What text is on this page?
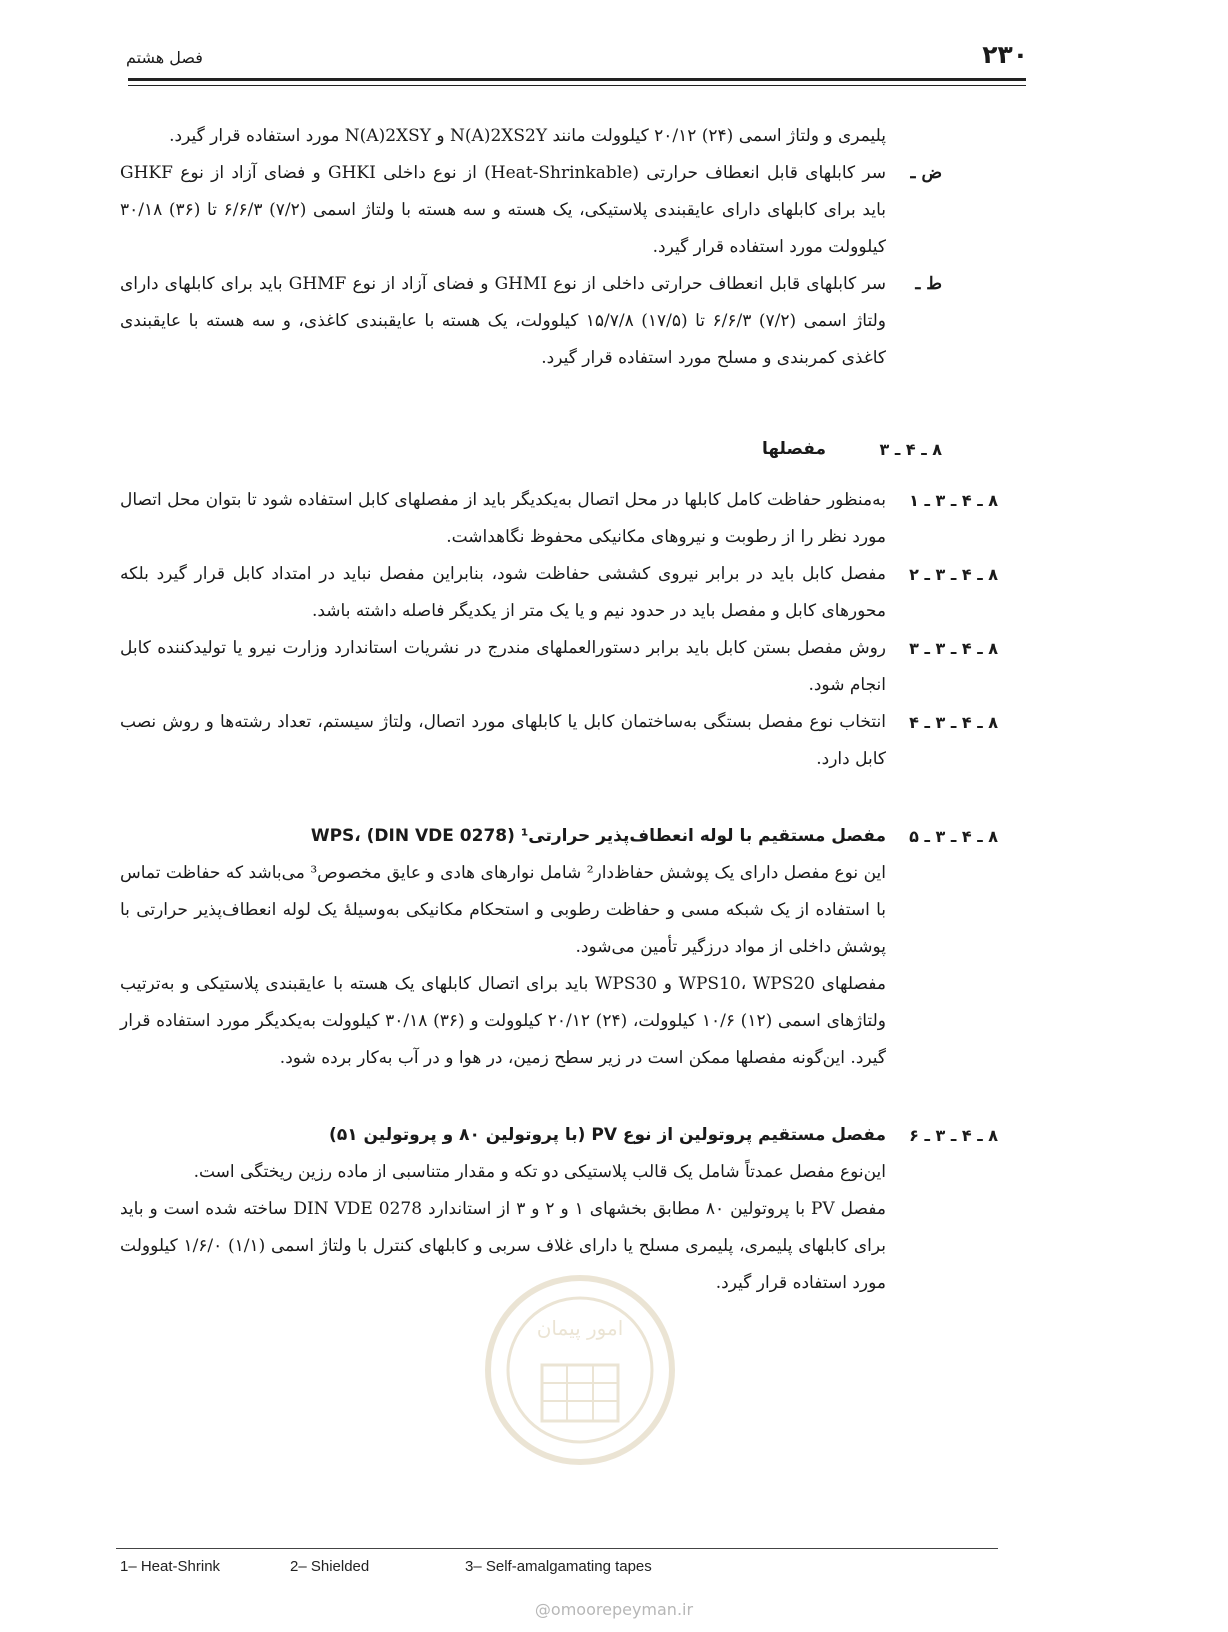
۲۳۰
فصل هشتم

پلیمری و ولتاژ اسمی (۲۴) ۲۰/۱۲ کیلوولت مانند N(A)2XS2Y و N(A)2XSY مورد استفاده قرار گیرد.

ض ـ

سر کابلهای قابل انعطاف حرارتی (Heat-Shrinkable) از نوع داخلی GHKI و فضای آزاد از نوع GHKF باید برای کابلهای دارای عایقبندی پلاستیکی، یک هسته و سه هسته با ولتاژ اسمی (۷/۲) ۶/۶/۳ تا (۳۶) ۳۰/۱۸ کیلوولت مورد استفاده قرار گیرد.

ط ـ

سر کابلهای قابل انعطاف حرارتی داخلی از نوع GHMI و فضای آزاد از نوع GHMF باید برای کابلهای دارای ولتاژ اسمی (۷/۲) ۶/۶/۳ تا (۱۷/۵) ۱۵/۷/۸ کیلوولت، یک هسته با عایقبندی کاغذی، و سه هسته با عایقبندی کاغذی کمربندی و مسلح مورد استفاده قرار گیرد.

۸ ـ ۴ ـ ۳
مفصلها
۸ ـ ۴ ـ ۳ ـ ۱

به‌منظور حفاظت کامل کابلها در محل اتصال به‌یکدیگر باید از مفصلهای کابل استفاده شود تا بتوان محل اتصال مورد نظر را از رطوبت و نیروهای مکانیکی محفوظ نگاهداشت.

۸ ـ ۴ ـ ۳ ـ ۲

مفصل کابل باید در برابر نیروی کششی حفاظت شود، بنابراین مفصل نباید در امتداد کابل قرار گیرد بلکه محورهای کابل و مفصل باید در حدود نیم و یا یک متر از یکدیگر فاصله داشته باشد.

۸ ـ ۴ ـ ۳ ـ ۳

روش مفصل بستن کابل باید برابر دستورالعملهای مندرج در نشریات استاندارد وزارت نیرو یا تولیدکننده کابل انجام شود.

۸ ـ ۴ ـ ۳ ـ ۴

انتخاب نوع مفصل بستگی به‌ساختمان کابل یا کابلهای مورد اتصال، ولتاژ سیستم، تعداد رشته‌ها و روش نصب کابل دارد.

۸ ـ ۴ ـ ۳ ـ ۵

مفصل مستقیم با لوله انعطاف‌پذیر حرارتی¹ WPS، (DIN VDE 0278)

این نوع مفصل دارای یک پوشش حفاظ‌دار² شامل نوارهای هادی و عایق مخصوص³ می‌باشد که حفاظت تماس با استفاده از یک شبکه مسی و حفاظت رطوبی و استحکام مکانیکی به‌وسیلهٔ یک لوله انعطاف‌پذیر حرارتی با پوشش داخلی از مواد درزگیر تأمین می‌شود.

مفصلهای WPS10، WPS20 و WPS30 باید برای اتصال کابلهای یک هسته با عایقبندی پلاستیکی و به‌ترتیب ولتاژهای اسمی (۱۲) ۱۰/۶ کیلوولت، (۲۴) ۲۰/۱۲ کیلوولت و (۳۶) ۳۰/۱۸ کیلوولت به‌یکدیگر مورد استفاده قرار گیرد. این‌گونه مفصلها ممکن است در زیر سطح زمین، در هوا و در آب به‌کار برده شود.

۸ ـ ۴ ـ ۳ ـ ۶

مفصل مستقیم پروتولین از نوع PV (با پروتولین ۸۰ و پروتولین ۵۱)

این‌نوع مفصل عمدتاً شامل یک قالب پلاستیکی دو تکه و مقدار متناسبی از ماده رزین ریختگی است.

مفصل PV با پروتولین ۸۰ مطابق بخشهای ۱ و ۲ و ۳ از استاندارد DIN VDE 0278 ساخته شده است و باید برای کابلهای پلیمری، پلیمری مسلح یا دارای غلاف سربی و کابلهای کنترل با ولتاژ اسمی (۱/۱) ۱/۶/۰ کیلوولت مورد استفاده قرار گیرد.

امور پیمان
1– Heat-Shrink	2– Shielded	3– Self-amalgamating tapes
@omoorepeyman.ir
